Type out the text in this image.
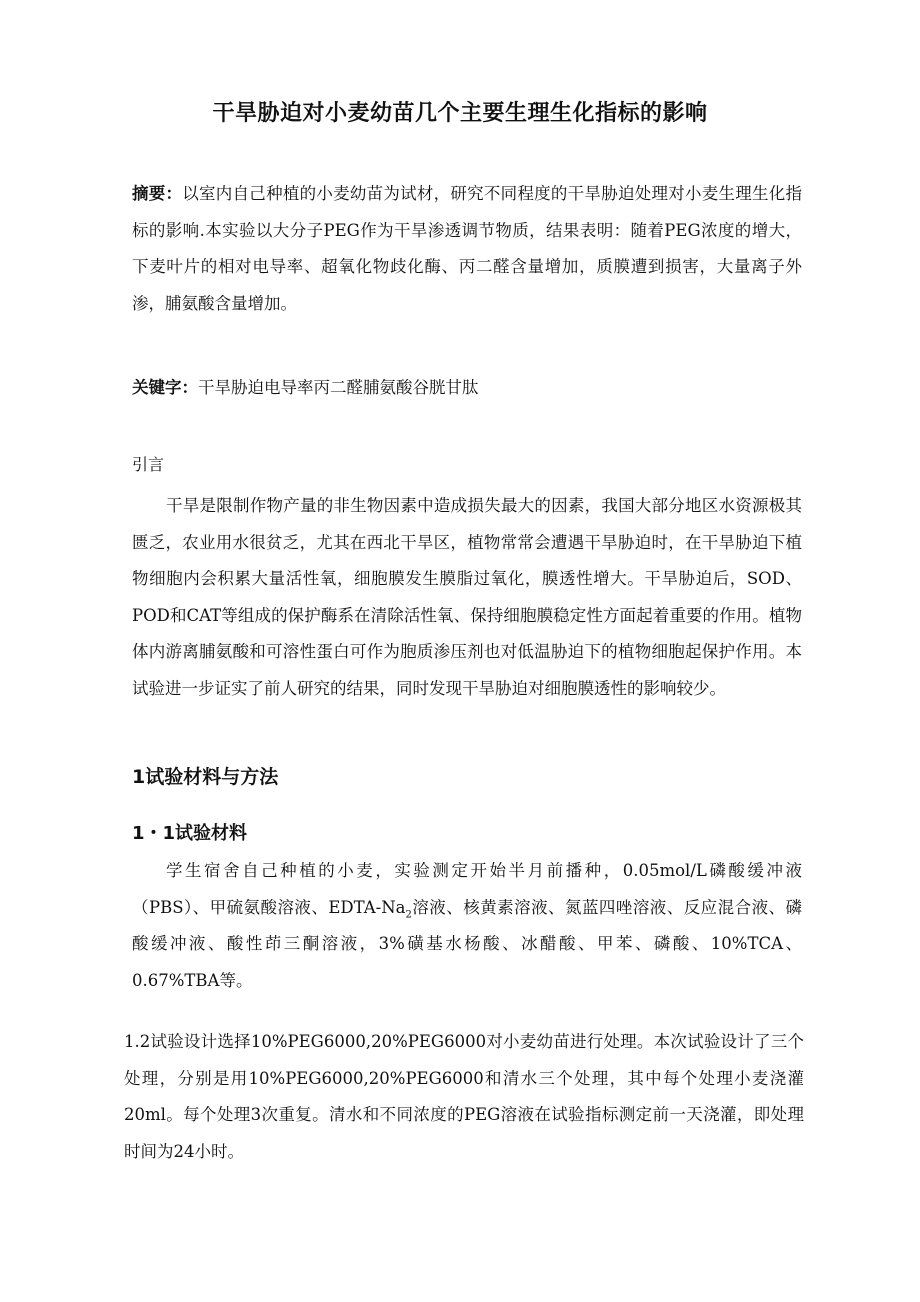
干旱胁迫对小麦幼苗几个主要生理生化指标的影响

摘要：以室内自己种植的小麦幼苗为试材，研究不同程度的干旱胁迫处理对小麦生理生化指标的影响.本实验以大分子PEG作为干旱渗透调节物质，结果表明：随着PEG浓度的增大，下麦叶片的相对电导率、超氧化物歧化酶、丙二醛含量增加，质膜遭到损害，大量离子外渗，脯氨酸含量增加。

关键字：干旱胁迫电导率丙二醛脯氨酸谷胱甘肽

引言

干旱是限制作物产量的非生物因素中造成损失最大的因素，我国大部分地区水资源极其匮乏，农业用水很贫乏，尤其在西北干旱区，植物常常会遭遇干旱胁迫时，在干旱胁迫下植物细胞内会积累大量活性氧，细胞膜发生膜脂过氧化，膜透性增大。干旱胁迫后，SOD、POD和CAT等组成的保护酶系在清除活性氧、保持细胞膜稳定性方面起着重要的作用。植物体内游离脯氨酸和可溶性蛋白可作为胞质渗压剂也对低温胁迫下的植物细胞起保护作用。本试验进一步证实了前人研究的结果，同时发现干旱胁迫对细胞膜透性的影响较少。

1试验材料与方法
1・1试验材料

学生宿舍自己种植的小麦，实验测定开始半月前播种，0.05mol/L磷酸缓冲液（PBS）、甲硫氨酸溶液、EDTA-$Na_2$溶液、核黄素溶液、氮蓝四唑溶液、反应混合液、磷酸缓冲液、酸性茚三酮溶液，3%磺基水杨酸、冰醋酸、甲苯、磷酸、10%TCA、0.67%TBA等。

1.2试验设计选择10%PEG6000,20%PEG6000对小麦幼苗进行处理。本次试验设计了三个处理，分别是用10%PEG6000,20%PEG6000和清水三个处理，其中每个处理小麦浇灌20ml。每个处理3次重复。清水和不同浓度的PEG溶液在试验指标测定前一天浇灌，即处理时间为24小时。
